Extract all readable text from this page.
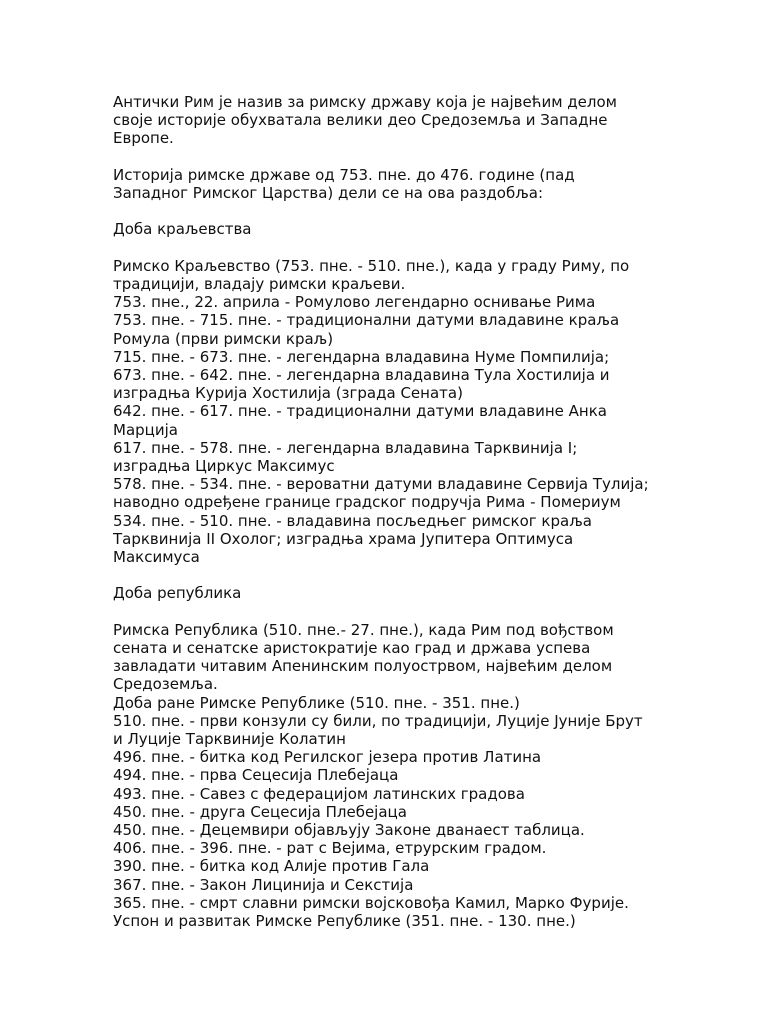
Антички Рим је назив за римску државу која је највећим делом
своје историје обухватала велики део Средоземља и Западне
Европе.
Историја римске државе од 753. пне. до 476. године (пад
Западног Римског Царства) дели се на ова раздобља:
Доба краљевства
Римско Краљевство (753. пне. - 510. пне.), када у граду Риму, по
традицији, владају римски краљеви.
753. пне., 22. априла - Ромулово легендарно оснивање Рима
753. пне. - 715. пне. - традиционални датуми владавине краља
Ромула (први римски краљ)
715. пне. - 673. пне. - легендарна владавина Нуме Помпилија;
673. пне. - 642. пне. - легендарна владавина Тула Хостилија и
изградња Курија Хостилија (зграда Сената)
642. пне. - 617. пне. - традиционални датуми владавине Анка
Марција
617. пне. - 578. пне. - легендарна владавина Тарквинија I;
изградња Циркус Максимус
578. пне. - 534. пне. - вероватни датуми владавине Сервија Тулија;
наводно одређене границе градског подручја Рима - Помериум
534. пне. - 510. пне. - владавина посљедњег римског краља
Тарквинија II Охолог; изградња храма Јупитера Оптимуса
Максимуса
Доба република
Римска Република (510. пне.- 27. пне.), када Рим под вођством
сената и сенатске аристократије као град и држава успева
завладати читавим Апенинским полуострвом, највећим делом
Средоземља.
Доба ране Римске Републике (510. пне. - 351. пне.)
510. пне. - први конзули су били, по традицији, Луције Јуније Брут
и Луције Тарквиније Колатин
496. пне. - битка код Регилског језера против Латина
494. пне. - прва Сецесија Плебејаца
493. пне. - Савез с федерацијом латинских градова
450. пне. - друга Сецесија Плебејаца
450. пне. - Децемвири објављују Законе дванаест таблица.
406. пне. - 396. пне. - рат с Вејима, етрурским градом.
390. пне. - битка код Алије против Гала
367. пне. - Закон Лицинија и Секстија
365. пне. - смрт славни римски војсковођа Камил, Марко Фурије.
Успон и развитак Римске Републике (351. пне. - 130. пне.)
